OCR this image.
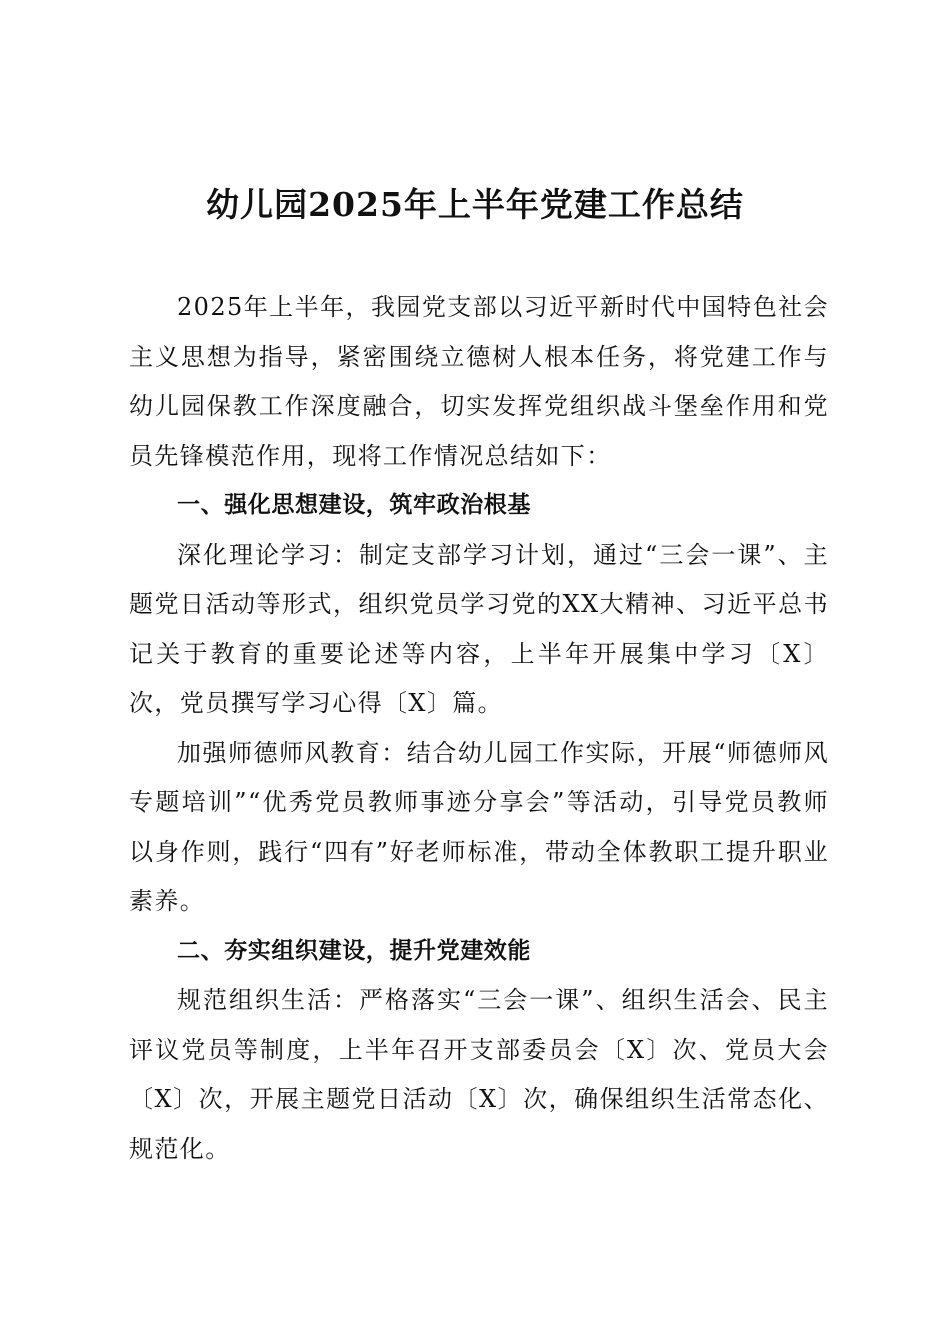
幼儿园2025年上半年党建工作总结

2025年上半年，我园党支部以习近平新时代中国特色社会主义思想为指导，紧密围绕立德树人根本任务，将党建工作与幼儿园保教工作深度融合，切实发挥党组织战斗堡垒作用和党员先锋模范作用，现将工作情况总结如下：

一、强化思想建设，筑牢政治根基

深化理论学习：制定支部学习计划，通过“三会一课”、主题党日活动等形式，组织党员学习党的XX大精神、习近平总书记关于教育的重要论述等内容，上半年开展集中学习〔X〕次，党员撰写学习心得〔X〕篇。

加强师德师风教育：结合幼儿园工作实际，开展“师德师风专题培训”“优秀党员教师事迹分享会”等活动，引导党员教师以身作则，践行“四有”好老师标准，带动全体教职工提升职业素养。

二、夯实组织建设，提升党建效能

规范组织生活：严格落实“三会一课”、组织生活会、民主评议党员等制度，上半年召开支部委员会〔X〕次、党员大会〔X〕次，开展主题党日活动〔X〕次，确保组织生活常态化、规范化。
